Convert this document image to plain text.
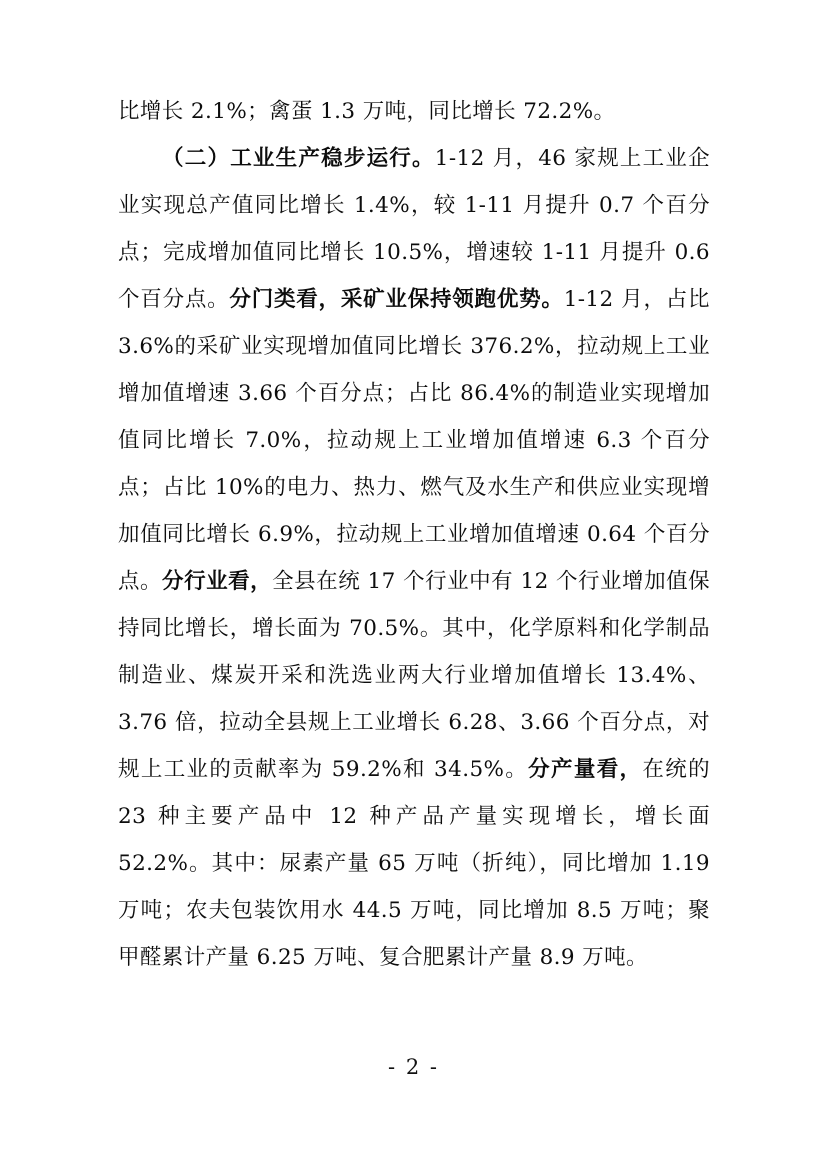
比增长 2.1%；禽蛋 1.3 万吨，同比增长 72.2%。

（二）工业生产稳步运行。1-12 月，46 家规上工业企业实现总产值同比增长 1.4%，较 1-11 月提升 0.7 个百分点；完成增加值同比增长 10.5%，增速较 1-11 月提升 0.6 个百分点。分门类看，采矿业保持领跑优势。1-12 月，占比 3.6%的采矿业实现增加值同比增长 376.2%，拉动规上工业增加值增速 3.66 个百分点；占比 86.4%的制造业实现增加值同比增长 7.0%，拉动规上工业增加值增速 6.3 个百分点；占比 10%的电力、热力、燃气及水生产和供应业实现增加值同比增长 6.9%，拉动规上工业增加值增速 0.64 个百分点。分行业看，全县在统 17 个行业中有 12 个行业增加值保持同比增长，增长面为 70.5%。其中，化学原料和化学制品制造业、煤炭开采和洗选业两大行业增加值增长 13.4%、3.76 倍，拉动全县规上工业增长 6.28、3.66 个百分点，对规上工业的贡献率为 59.2%和 34.5%。分产量看，在统的 23 种主要产品中 12 种产品产量实现增长，增长面 52.2%。其中：尿素产量 65 万吨（折纯），同比增加 1.19 万吨；农夫包装饮用水 44.5 万吨，同比增加 8.5 万吨；聚甲醛累计产量 6.25 万吨、复合肥累计产量 8.9 万吨。

- 2 -
